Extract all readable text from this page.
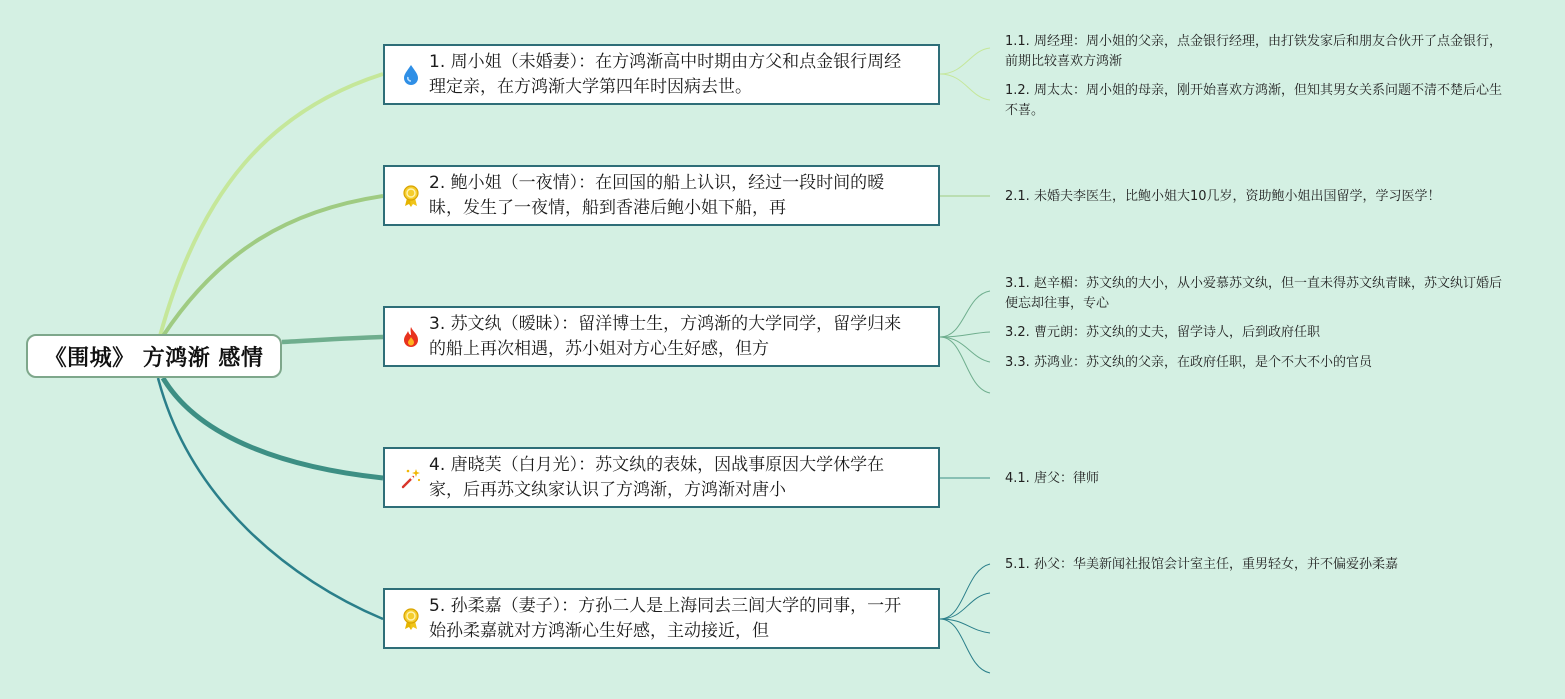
《围城》 方鸿渐 感情
1. 周小姐（未婚妻）：在方鸿渐高中时期由方父和点金银行周经理定亲，在方鸿渐大学第四年时因病去世。
2. 鲍小姐（一夜情）：在回国的船上认识，经过一段时间的暧昧，发生了一夜情，船到香港后鲍小姐下船，再
3. 苏文纨（暧昧）：留洋博士生，方鸿渐的大学同学，留学归来的船上再次相遇，苏小姐对方心生好感，但方
4. 唐晓芙（白月光）：苏文纨的表妹，因战事原因大学休学在家，后再苏文纨家认识了方鸿渐，方鸿渐对唐小
5. 孙柔嘉（妻子）：方孙二人是上海同去三闾大学的同事，一开始孙柔嘉就对方鸿渐心生好感，主动接近，但
1.1. 周经理：周小姐的父亲，点金银行经理，由打铁发家后和朋友合伙开了点金银行，前期比较喜欢方鸿渐
1.2. 周太太：周小姐的母亲，刚开始喜欢方鸿渐，但知其男女关系问题不清不楚后心生不喜。
2.1. 未婚夫李医生，比鲍小姐大10几岁，资助鲍小姐出国留学，学习医学！
3.1. 赵辛楣：苏文纨的大小，从小爱慕苏文纨，但一直未得苏文纨青睐，苏文纨订婚后便忘却往事，专心
3.2. 曹元朗：苏文纨的丈夫，留学诗人，后到政府任职
3.3. 苏鸿业：苏文纨的父亲，在政府任职，是个不大不小的官员
4.1. 唐父：律师
5.1. 孙父：华美新闻社报馆会计室主任，重男轻女，并不偏爱孙柔嘉
